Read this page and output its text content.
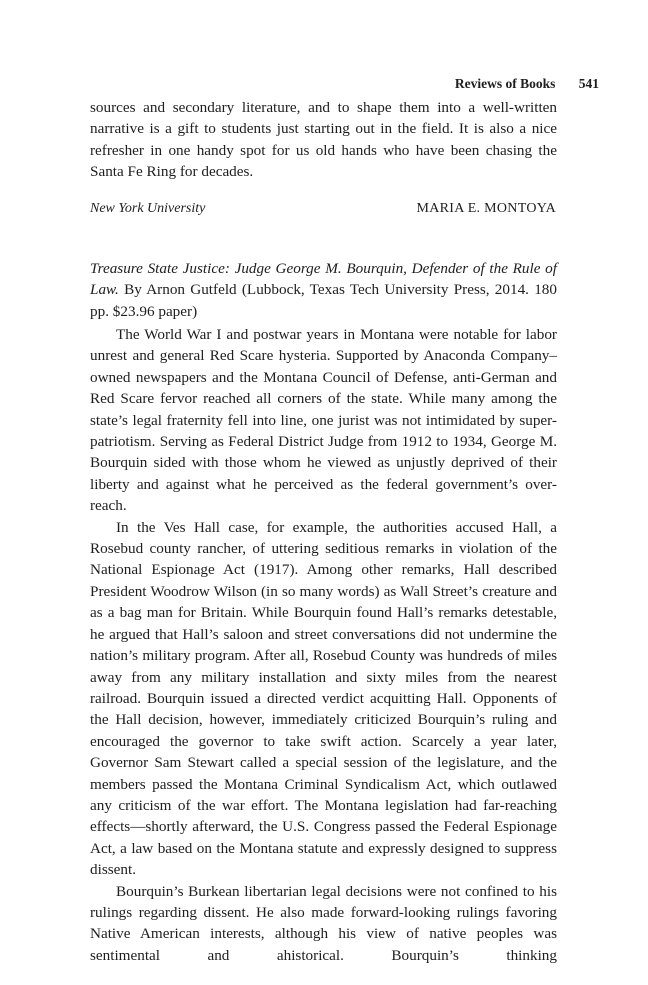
Reviews of Books 541

sources and secondary literature, and to shape them into a well-written narrative is a gift to students just starting out in the field. It is also a nice refresher in one handy spot for us old hands who have been chasing the Santa Fe Ring for decades.

New York University	MARIA E. MONTOYA

Treasure State Justice: Judge George M. Bourquin, Defender of the Rule of Law. By Arnon Gutfeld (Lubbock, Texas Tech University Press, 2014. 180 pp. $23.96 paper)

The World War I and postwar years in Montana were notable for labor unrest and general Red Scare hysteria. Supported by Anaconda Company–owned newspapers and the Montana Council of Defense, anti-German and Red Scare fervor reached all corners of the state. While many among the state’s legal fraternity fell into line, one jurist was not intimidated by super-patriotism. Serving as Federal District Judge from 1912 to 1934, George M. Bourquin sided with those whom he viewed as unjustly deprived of their liberty and against what he perceived as the federal government’s over-reach.

In the Ves Hall case, for example, the authorities accused Hall, a Rosebud county rancher, of uttering seditious remarks in violation of the National Espionage Act (1917). Among other remarks, Hall described President Woodrow Wilson (in so many words) as Wall Street’s creature and as a bag man for Britain. While Bourquin found Hall’s remarks detestable, he argued that Hall’s saloon and street conversations did not undermine the nation’s military program. After all, Rosebud County was hundreds of miles away from any military installation and sixty miles from the nearest railroad. Bourquin issued a directed verdict acquitting Hall. Opponents of the Hall decision, however, immediately criticized Bourquin’s ruling and encouraged the governor to take swift action. Scarcely a year later, Governor Sam Stewart called a special session of the legislature, and the members passed the Montana Criminal Syndicalism Act, which outlawed any criticism of the war effort. The Montana legislation had far-reaching effects—shortly afterward, the U.S. Congress passed the Federal Espionage Act, a law based on the Montana statute and expressly designed to suppress dissent.

Bourquin’s Burkean libertarian legal decisions were not confined to his rulings regarding dissent. He also made forward-looking rulings favoring Native American interests, although his view of native peoples was sentimental and ahistorical. Bourquin’s thinking
